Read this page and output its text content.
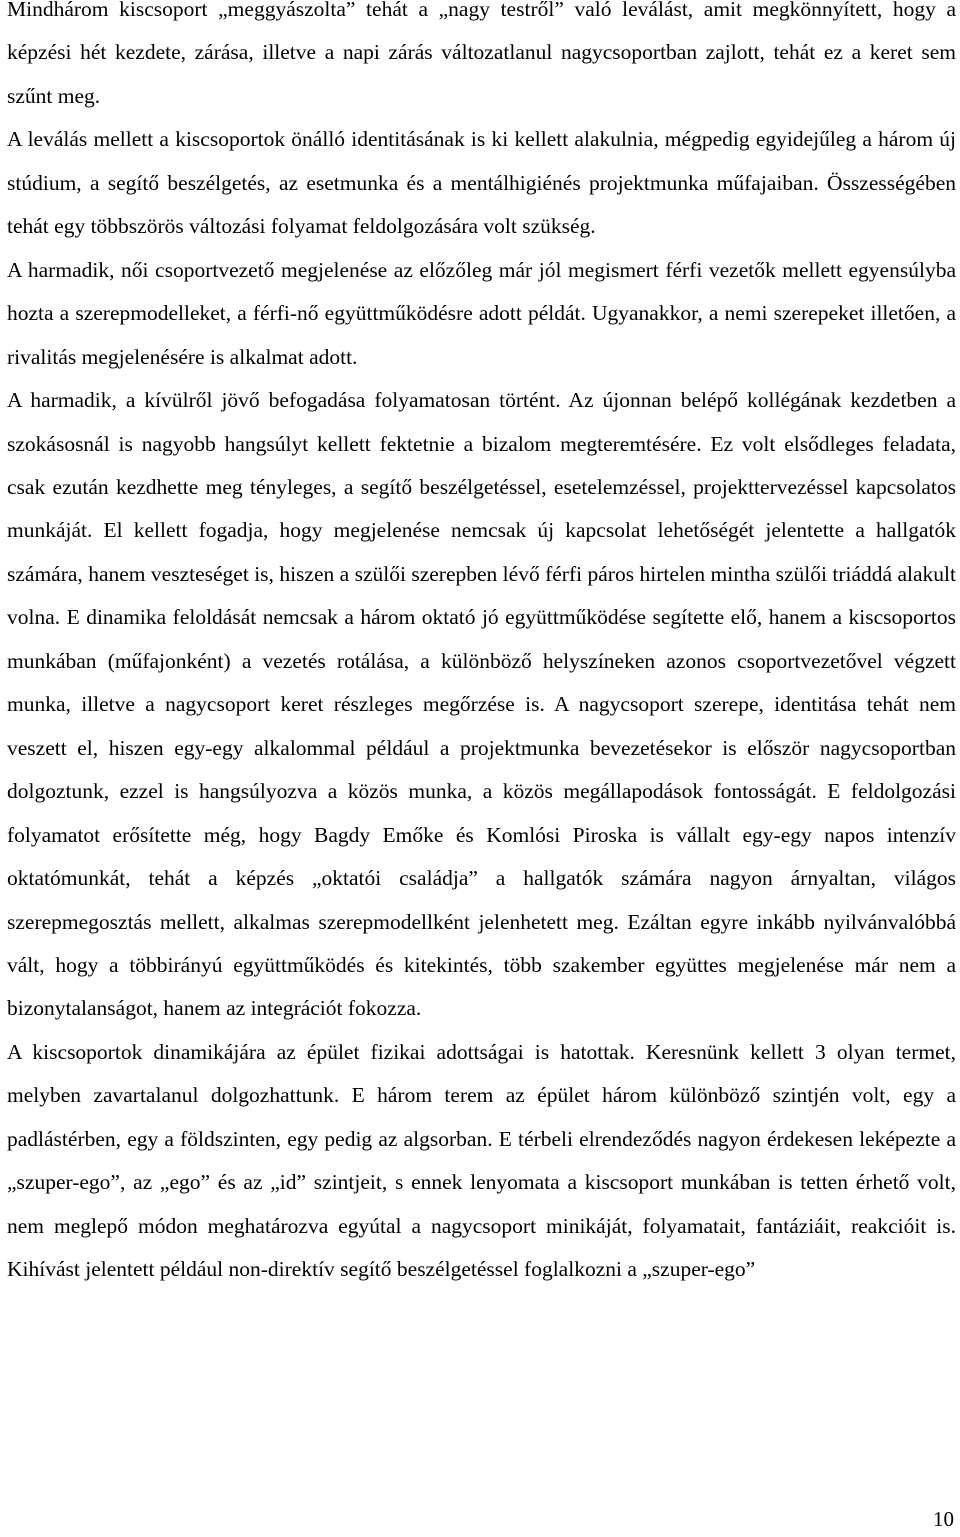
Mindhárom kiscsoport „meggyászolta” tehát a „nagy testről” való leválást, amit megkönnyített, hogy a képzési hét kezdete, zárása, illetve a napi zárás változatlanul nagycsoportban zajlott, tehát ez a keret sem szűnt meg.

A leválás mellett a kiscsoportok önálló identitásának is ki kellett alakulnia, mégpedig egyidejűleg a három új stúdium, a segítő beszélgetés, az esetmunka és a mentálhigiénés projektmunka műfajaiban. Összességében tehát egy többszörös változási folyamat feldolgozására volt szükség.

A harmadik, női csoportvezető megjelenése az előzőleg már jól megismert férfi vezetők mellett egyensúlyba hozta a szerepmodelleket, a férfi-nő együttműködésre adott példát. Ugyanakkor, a nemi szerepeket illetően, a rivalitás megjelenésére is alkalmat adott.

A harmadik, a kívülről jövő befogadása folyamatosan történt. Az újonnan belépő kollégának kezdetben a szokásosnál is nagyobb hangsúlyt kellett fektetnie a bizalom megteremtésére. Ez volt elsődleges feladata, csak ezután kezdhette meg tényleges, a segítő beszélgetéssel, esetelemzéssel, projekttervezéssel kapcsolatos munkáját. El kellett fogadja, hogy megjelenése nemcsak új kapcsolat lehetőségét jelentette a hallgatók számára, hanem veszteséget is, hiszen a szülői szerepben lévő férfi páros hirtelen mintha szülői triáddá alakult volna. E dinamika feloldását nemcsak a három oktató jó együttműködése segítette elő, hanem a kiscsoportos munkában (műfajonként) a vezetés rotálása, a különböző helyszíneken azonos csoportvezetővel végzett munka, illetve a nagycsoport keret részleges megőrzése is. A nagycsoport szerepe, identitása tehát nem veszett el, hiszen egy-egy alkalommal például a projektmunka bevezetésekor is először nagycsoportban dolgoztunk, ezzel is hangsúlyozva a közös munka, a közös megállapodások fontosságát. E feldolgozási folyamatot erősítette még, hogy Bagdy Emőke és Komlósi Piroska is vállalt egy-egy napos intenzív oktatómunkát, tehát a képzés „oktatói családja” a hallgatók számára nagyon árnyaltan, világos szerepmegosztás mellett, alkalmas szerepmodellként jelenhetett meg. Ezáltan egyre inkább nyilvánvalóbbá vált, hogy a többirányú együttműködés és kitekintés, több szakember együttes megjelenése már nem a bizonytalanságot, hanem az integrációt fokozza.

A kiscsoportok dinamikájára az épület fizikai adottságai is hatottak. Keresnünk kellett 3 olyan termet, melyben zavartalanul dolgozhattunk. E három terem az épület három különböző szintjén volt, egy a padlástérben, egy a földszinten, egy pedig az algsorban. E térbeli elrendeződés nagyon érdekesen leképezte a „szuper-ego”, az „ego” és az „id” szintjeit, s ennek lenyomata a kiscsoport munkában is tetten érhető volt, nem meglepő módon meghatározva egyútal a nagycsoport minikáját, folyamatait, fantáziáit, reakcióit is. Kihívást jelentett például non-direktív segítő beszélgetéssel foglalkozni a „szuper-ego”

10
